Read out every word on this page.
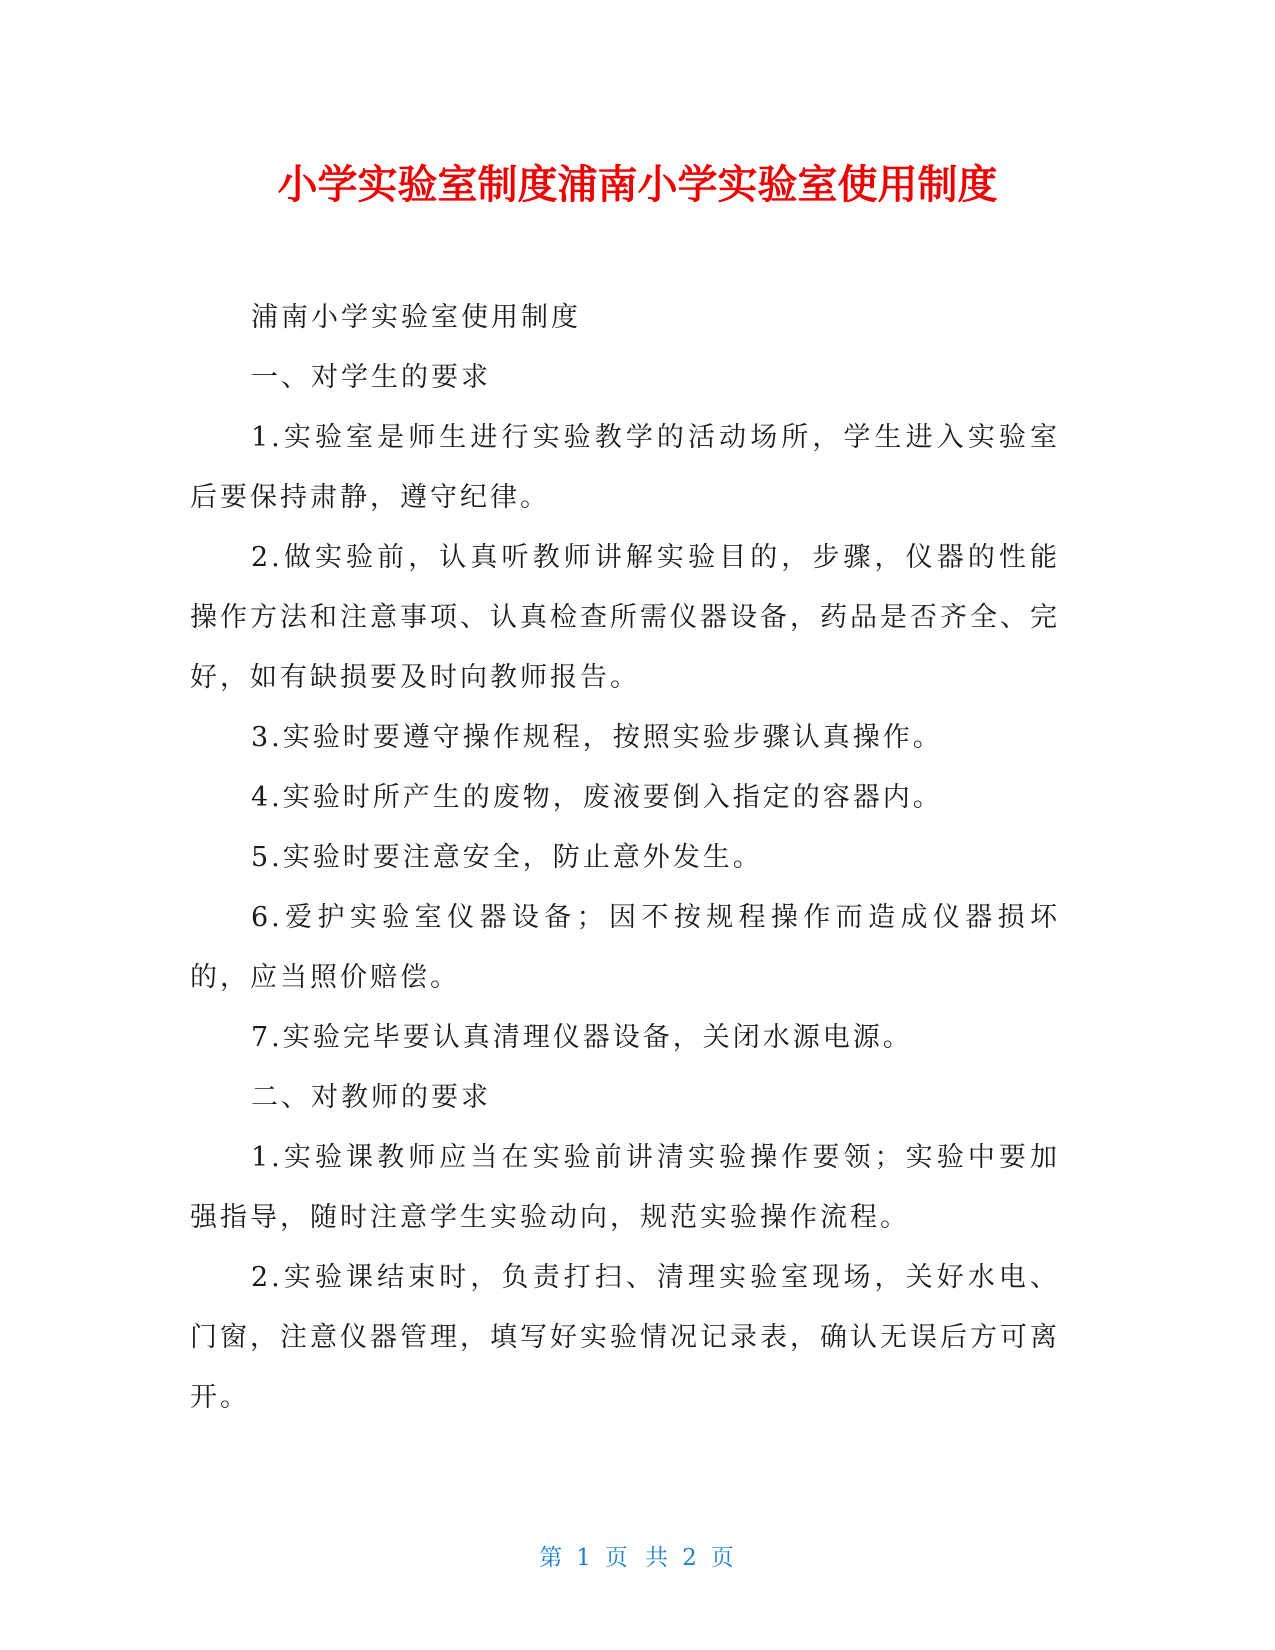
小学实验室制度浦南小学实验室使用制度

浦南小学实验室使用制度

一、对学生的要求

1.实验室是师生进行实验教学的活动场所，学生进入实验室后要保持肃静，遵守纪律。

2.做实验前，认真听教师讲解实验目的，步骤，仪器的性能操作方法和注意事项、认真检查所需仪器设备，药品是否齐全、完好，如有缺损要及时向教师报告。

3.实验时要遵守操作规程，按照实验步骤认真操作。

4.实验时所产生的废物，废液要倒入指定的容器内。

5.实验时要注意安全，防止意外发生。

6.爱护实验室仪器设备；因不按规程操作而造成仪器损坏的，应当照价赔偿。

7.实验完毕要认真清理仪器设备，关闭水源电源。

二、对教师的要求

1.实验课教师应当在实验前讲清实验操作要领；实验中要加强指导，随时注意学生实验动向，规范实验操作流程。

2.实验课结束时，负责打扫、清理实验室现场，关好水电、门窗，注意仪器管理，填写好实验情况记录表，确认无误后方可离开。

第 1 页 共 2 页
